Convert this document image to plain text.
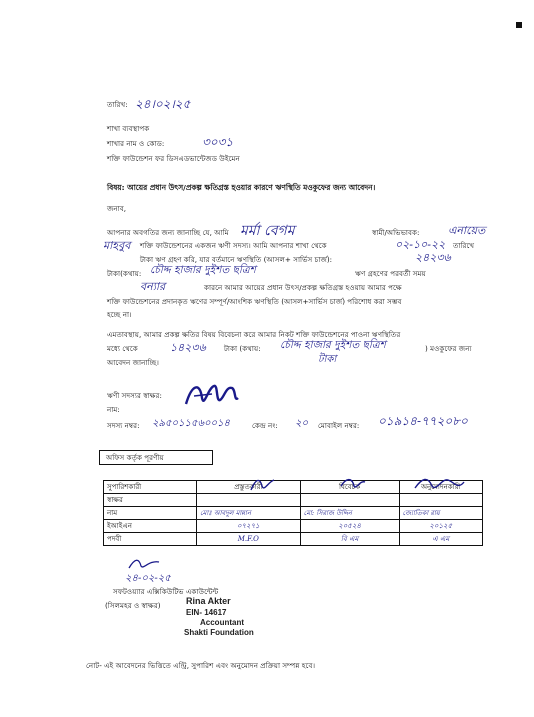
তারিখ: ২৪।০২।২৫
শাখা ব্যবস্থাপক
শাখার নাম ও কোড:	৩০৩১
শক্তি ফাউন্ডেশন ফর ডিসএডভান্টেজড উইমেন
বিষয়: আয়ের প্রধান উৎস/প্রকল্প ক্ষতিগ্রস্ত হওয়ার কারণে ঋণস্থিতি মওকুফের জন্য আবেদন।
জনাব,
আপনার অবগতির জন্য জানাচ্ছি যে, আমি মর্মা বেগম	স্বামী/অভিভাবক:	এনায়েত
মাহবুব শক্তি ফাউন্ডেশনের একজন ঋণী সদস্য। আমি আপনার শাখা থেকে	০২-১০-২২ তারিখে
টাকা ঋণ গ্রহণ করি, যার বর্তমানে ঋণস্থিতি (আসল+ সার্ভিস চার্জ):	২৪২৩৬
টাকা(কথায়: চৌদ্দ হাজার দুইশত ছত্রিশ	ঋণ গ্রহণের পরবর্তী সময়
বন্যার	কারনে আমার আয়ের প্রধান উৎস/প্রকল্প ক্ষতিগ্রস্ত হওয়ায় আমার পক্ষে
শক্তি ফাউন্ডেশনের প্রদানকৃত ঋণের সম্পূর্ণ/আংশিক ঋণস্থিতি (আসল+সার্ভিস চার্জ) পরিশোধ করা সম্ভব
হচ্ছে না।
এমতাবস্থায়, আমার প্রকল্প ক্ষতির বিষয় বিবেচনা করে আমার নিকট শক্তি ফাউন্ডেশনের পাওনা ঋণস্থিতির
মধ্যে থেকে	১৪২৩৬	টাকা (কথায়: চৌদ্দ হাজার দুইশত ছত্রিশ	) মওকুফের জন্য
টাকা
আবেদন জানাচ্ছি।
ঋণী সদস্যর স্বাক্ষর:
নাম:
সদস্য নম্বর: ২৯৫০১১৫৬০০১৪	কেন্দ্র নং: ২০ মোবাইল নম্বর: ০১৯১৪-৭৭২০৮০
অফিস কর্তৃক পূরণীয়
সুপারিশকারী	প্রস্তুতকারী	বিবেচক	অনুমোদনকারী
স্বাক্ষর			
নাম	মোঃ আবদুল মান্নান	মো: সিরাজ উদ্দিন	জ্যোতিকা রায়
ইআইএন	০৭২৭১	২০৫২৪	২০১২৫
পদবী	M.F.O	বি এম	এ এম
২৪-০২-২৫
সফটওয়্যার এক্সিকিউটিভ একাউন্টেন্ট
(সিলমহর ও স্বাক্ষর)	Rina Akter
EIN- 14617
Accountant
Shakti Foundation
নোট- এই আবেদনের ভিত্তিতে এন্ট্রি, সুপারিশ এবং অনুমোদন প্রক্রিয়া সম্পন্ন হবে।
